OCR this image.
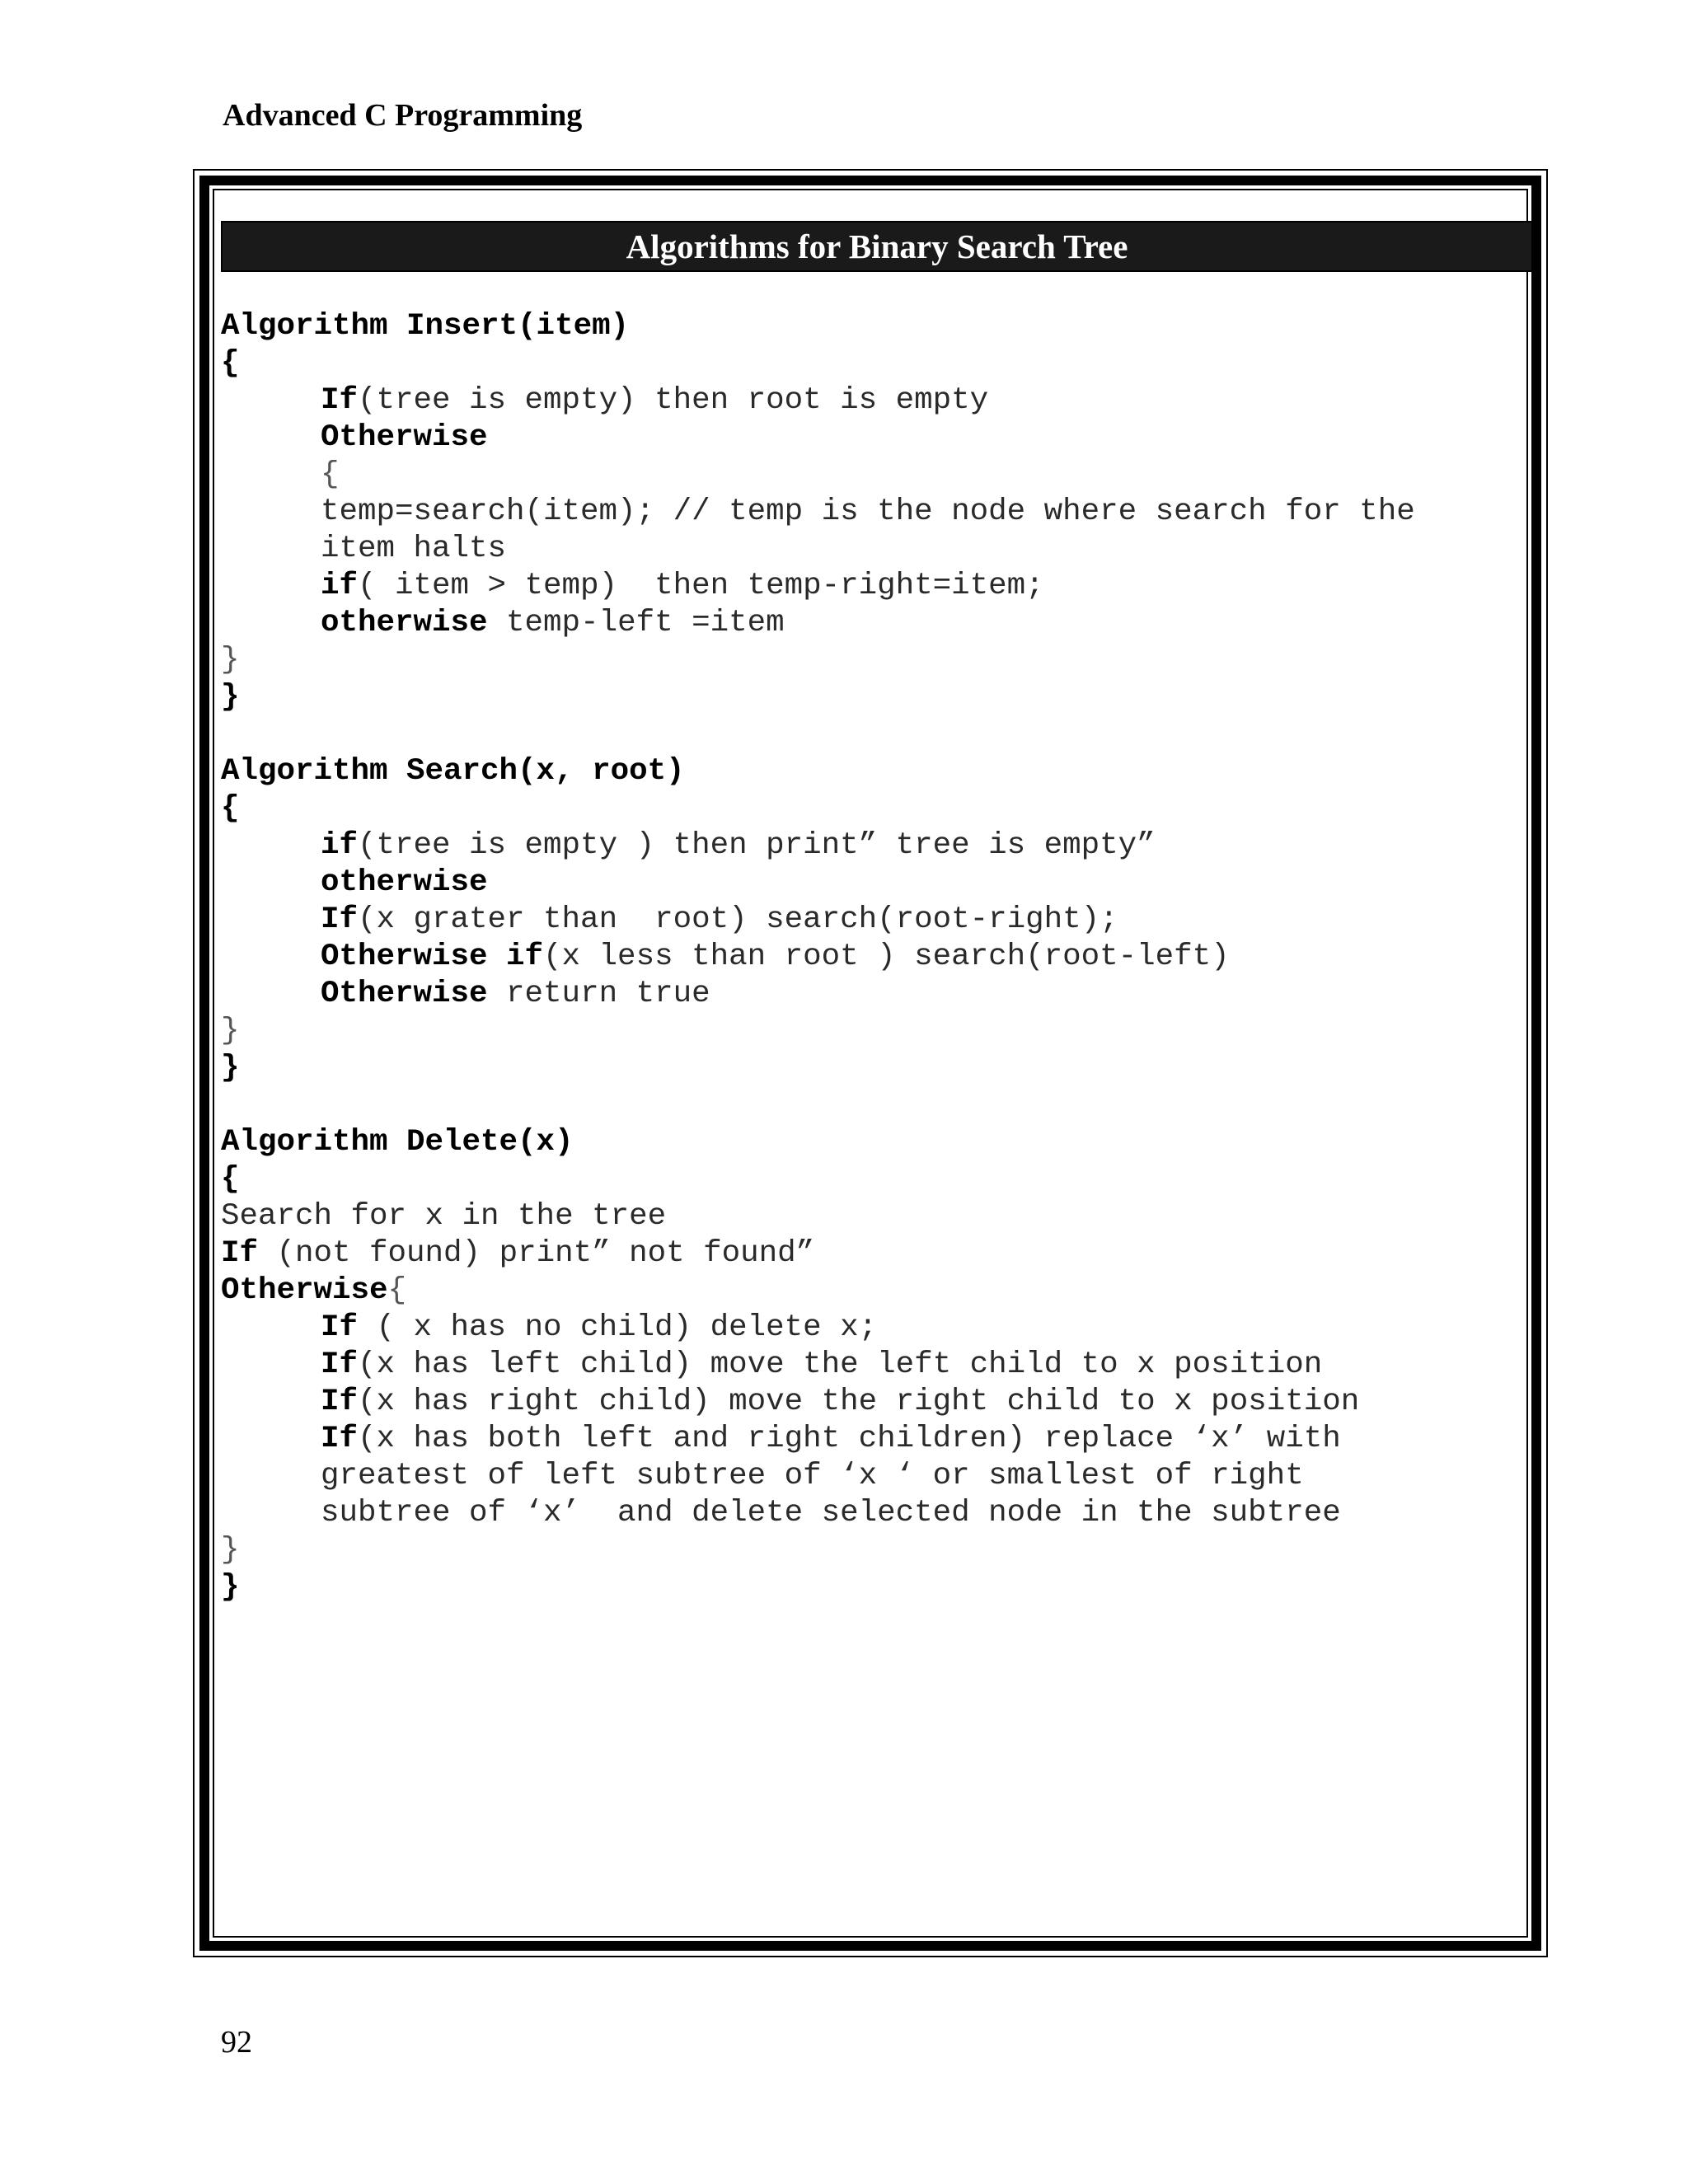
Advanced C Programming
Algorithms for Binary Search Tree
Algorithm Insert(item)
{
If(tree is empty) then root is empty
Otherwise
{
temp=search(item); // temp is the node where search for the
item halts
if( item > temp)  then temp-right=item;
otherwise temp-left =item
}
}
Algorithm Search(x, root)
{
if(tree is empty ) then print” tree is empty”
otherwise
If(x grater than  root) search(root-right);
Otherwise if(x less than root ) search(root-left)
Otherwise return true
}
}
Algorithm Delete(x)
{
Search for x in the tree
If (not found) print” not found”
Otherwise{
If ( x has no child) delete x;
If(x has left child) move the left child to x position
If(x has right child) move the right child to x position
If(x has both left and right children) replace ‘x’ with
greatest of left subtree of ‘x ‘ or smallest of right
subtree of ‘x’  and delete selected node in the subtree
}
}

92
